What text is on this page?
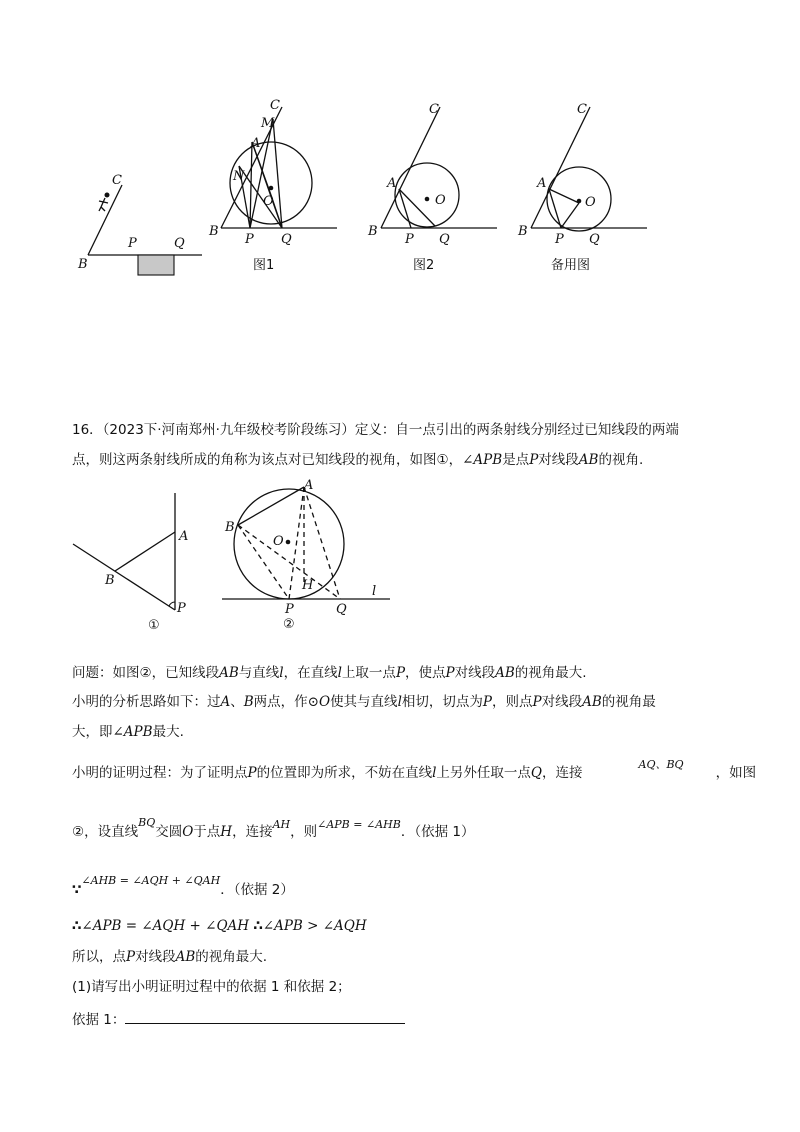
C
B
P	Q
C
M
A
N
O
B
P Q
图1
C
A
O
B
P Q
图2
C
A
O
B
P Q
备用图
16．（2023下·河南郑州·九年级校考阶段练习）定义：自一点引出的两条射线分别经过已知线段的两端
点，则这两条射线所成的角称为该点对已知线段的视角，如图①，∠APB是点P对线段AB的视角.
A
B
P
①
A
B
O
H
P	Q
l
②
问题：如图②，已知线段AB与直线l，在直线l上取一点P，使点P对线段AB的视角最大.
小明的分析思路如下：过A、B两点，作⊙O使其与直线l相切，切点为P，则点P对线段AB的视角最
大，即∠APB最大.
小明的证明过程：为了证明点P的位置即为所求，不妨在直线l上另外任取一点Q，连接$^{AQ、BQ}$，如图
②，设直线$^{BQ}$交圆O于点H，连接$^{AH}$，则$^{\angle APB = \angle AHB}$．（依据 1）
∵$^{\angle AHB = \angle AQH + \angle QAH}$．（依据 2）
∴∠APB = ∠AQH + ∠QAH ∴∠APB > ∠AQH
所以，点P对线段AB的视角最大.
(1)请写出小明证明过程中的依据 1 和依据 2；
依据 1：
